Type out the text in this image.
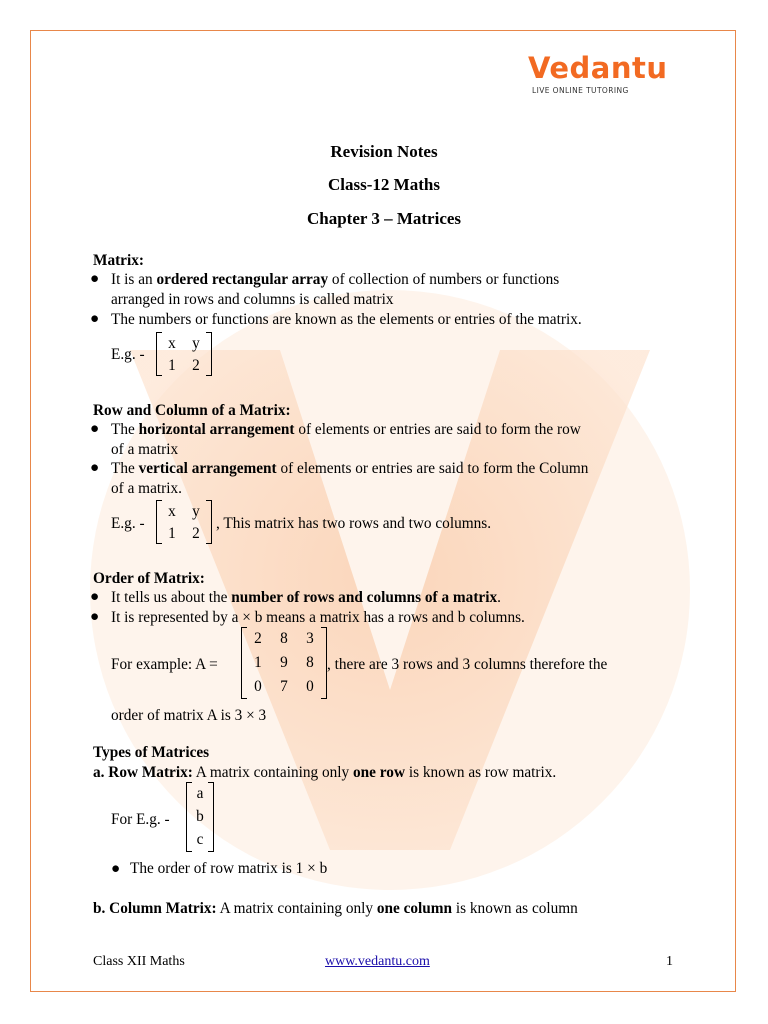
Vedantu
LIVE ONLINE TUTORING
Revision Notes
Class-12 Maths
Chapter 3 – Matrices
Matrix:
● It is an ordered rectangular array of collection of numbers or functions
arranged in rows and columns is called matrix
● The numbers or functions are known as the elements or entries of the matrix.
E.g. -
x	y
1	2
Row and Column of a Matrix:
● The horizontal arrangement of elements or entries are said to form the row
of a matrix
● The vertical arrangement of elements or entries are said to form the Column
of a matrix.
E.g. -
x	y
1	2
, This matrix has two rows and two columns.
Order of Matrix:
● It tells us about the number of rows and columns of a matrix.
● It is represented by a × b means a matrix has a rows and b columns.
For example: A =
2	8	3
1	9	8
0	7	0
, there are 3 rows and 3 columns therefore the
order of matrix A is 3 × 3
Types of Matrices
a. Row Matrix: A matrix containing only one row is known as row matrix.
For E.g. -
a
b
c
● The order of row matrix is 1 × b
b. Column Matrix: A matrix containing only one column is known as column
Class XII Maths	www.vedantu.com	1
